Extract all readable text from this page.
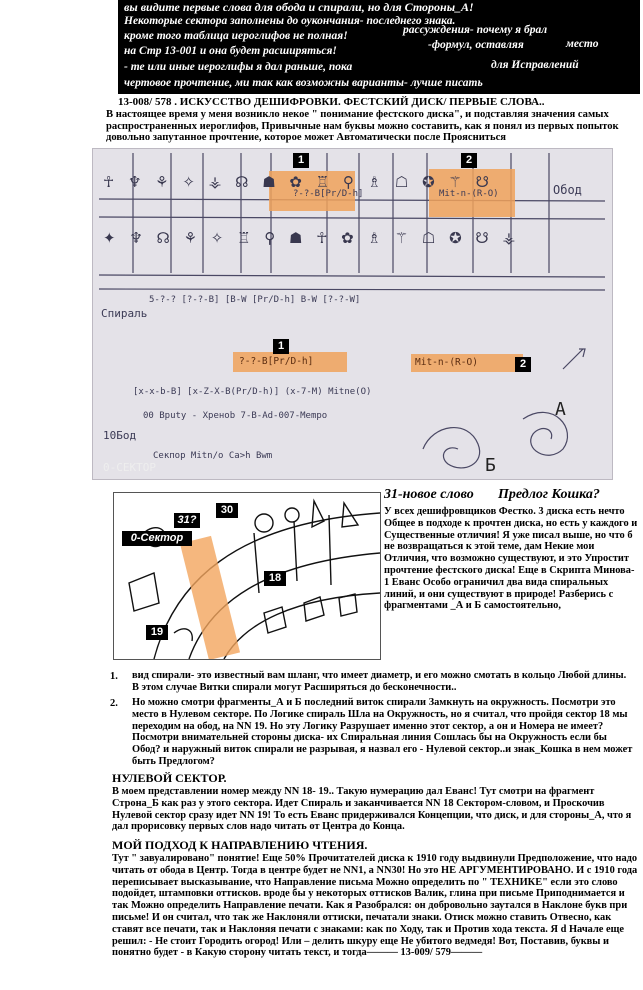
вы видите первые слова для обода и спирали, но для Стороны_А!
Некоторые сектора заполнены до оукончания- последнего знака.
кроме того таблица иероглифов не полная!	рассуждения- почему я брал
на Стр 13-001 и она будет расширяться!	-формул, оставляя	место
- те или иные иероглифы я дал раньше, пока	для Исправлений
чертовое прочтение, ми так как возможны варианты- лучше писать
13-008/ 578 . ИСКУССТВО ДЕШИФРОВКИ. ФЕСТСКИЙ ДИСК/ ПЕРВЫЕ СЛОВА..
В настоящее время у меня возникло некое " понимание фестского диска", и подставляя значения самых распространенных иероглифов, Привычные нам буквы можно составить, как я понял из первых попыток довольно запутанное прочтение, которое может Автоматически после Проясниться
1	2
1
2
☥ ♆ ⚘ ✧ ⚶ ☊ ☗ ✿ ♖ ⚲ ♗ ☖ ✪ ⚚ ☋
✦ ♆ ☊ ⚘ ✧ ♖ ⚲ ☗ ☥ ✿ ♗ ⚚ ☖ ✪ ☋ ⚶
?-?-B[Pr/D-h]	Mit-n-(R-O)	Обод
Спираль
5-?-? [?-?-B] [B-W [Pr/D-h] B-W [?-?-W]
?-?-B[Pr/D-h]	Mit-n-(R-O)
[x-x-b-B] [x-Z-X-B(Pr/D-h)] (x-7-M) Mitne(O)
00 Bputy - Xpeнob 7-B-Ad-007-Mempo
10Бод
Ceкпop Mitn/o Ca>h Bwm
0-СЕКТОР
А
Б
30
31?
0-Сектор
18
19
31-новое слово Предлог Кошка?
У всех дешифровщиков Фестко. 3 диска есть нечто Общее в подходе к прочтен диска, но есть у каждого и Существенные отличия! Я уже писал выше, но что б не возвращаться к этой теме, дам Некие мои Отличия, что возможно существуют, и это Упростит прочтение фестского диска! Еще в Скрипта Минова- 1 Еванс Особо ограничил два вида спиральных линий, и они существуют в природе! Разберись с фрагментами _А и Б самостоятельно,
1. вид спирали- это известный вам шланг, что имеет диаметр, и его можно смотать в кольцо Любой длины. В этом случае Витки спирали могут Расширяться до бесконечности..
2. Но можно смотри фрагменты_А и Б последний виток спирали Замкнуть на окружность. Посмотри это место в Нулевом секторе. По Логике спираль Шла на Окружность, но я считал, что пройдя сектор 18 мы переходим на обод, на NN 19. Но эту Логику Разрушает именно этот сектор, а он и Номера не имеет? Посмотри внимательней стороны диска- их Спиральная линия Сошлась бы на Окружность если бы Обод? и наружный виток спирали не разрывая, я назвал его - Нулевой сектор..и знак_Кошка в нем может быть Предлогом?
НУЛЕВОЙ СЕКТОР.
В моем представлении номер между NN 18- 19.. Такую нумерацию дал Еванс! Тут смотри на фрагмент Строна_Б как раз у этого сектора. Идет Спираль и заканчивается NN 18 Сектором-словом, и Проскочив Нулевой сектор сразу идет NN 19! То есть Еванс придерживался Концепции, что диск, и для стороны_А, что я дал прорисовку первых слов надо читать от Центра до Конца.
МОЙ ПОДХОД К НАПРАВЛЕНИЮ ЧТЕНИЯ.
Тут " завуалировано" понятие! Еще 50% Прочитателей диска к 1910 году выдвинули Предположение, что надо читать от обода в Центр. Тогда в центре будет не NN1, а NN30! Но это НЕ АРГУМЕНТИРОВАНО. И с 1910 года переписывает высказывание, что Направление письма Можно определить по " ТЕХНИКЕ" если это слово подойдет, штамповки оттисков. вроде бы у некоторых оттисков Валик, глина при письме Приподнимается и так Можно определить Направление печати. Как я Разобрался: он добровольно заутался в Наклоне букв при письме! И он считал, что так же Наклоняли оттиски, печатали знаки. Отиск можно ставить Отвесно, как ставят все печати, так и Наклоняя печати с знаками: как по Ходу, так и Против хода текста. Я d Начале еще решил: - Не стоит Городить огород! Или – делить шкуру еще Не убитого ведмедя! Вот, Поставив, буквы и понятно будет - в Какую сторону читать текст, и тогда——— 13-009/ 579———
